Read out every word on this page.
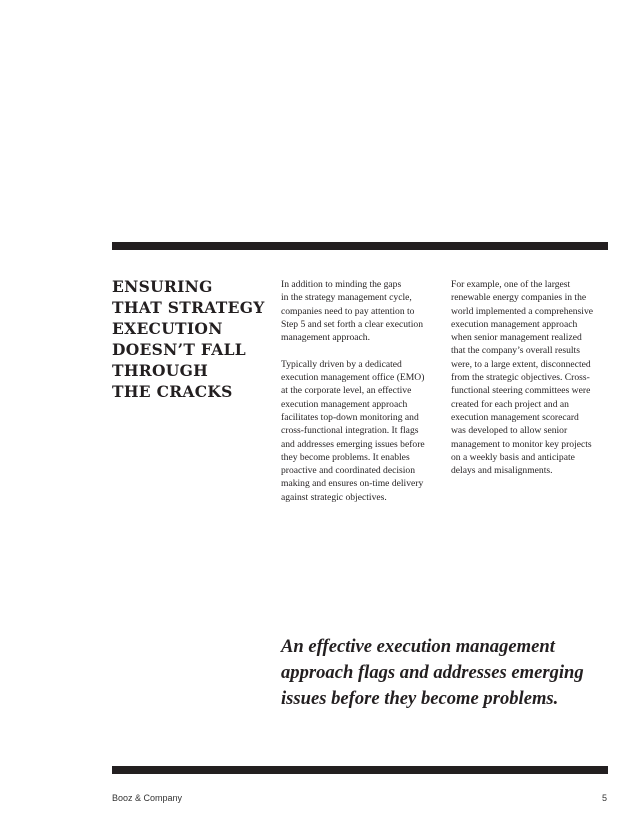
ENSURING
THAT STRATEGY
EXECUTION
DOESN’T FALL
THROUGH
THE CRACKS

In addition to minding the gaps
in the strategy management cycle,
companies need to pay attention to
Step 5 and set forth a clear execution
management approach.

Typically driven by a dedicated
execution management office (EMO)
at the corporate level, an effective
execution management approach
facilitates top-down monitoring and
cross-functional integration. It flags
and addresses emerging issues before
they become problems. It enables
proactive and coordinated decision
making and ensures on-time delivery
against strategic objectives.

For example, one of the largest
renewable energy companies in the
world implemented a comprehensive
execution management approach
when senior management realized
that the company’s overall results
were, to a large extent, disconnected
from the strategic objectives. Cross-
functional steering committees were
created for each project and an
execution management scorecard
was developed to allow senior
management to monitor key projects
on a weekly basis and anticipate
delays and misalignments.

An effective execution management
approach flags and addresses emerging
issues before they become problems.
Booz & Company	5
